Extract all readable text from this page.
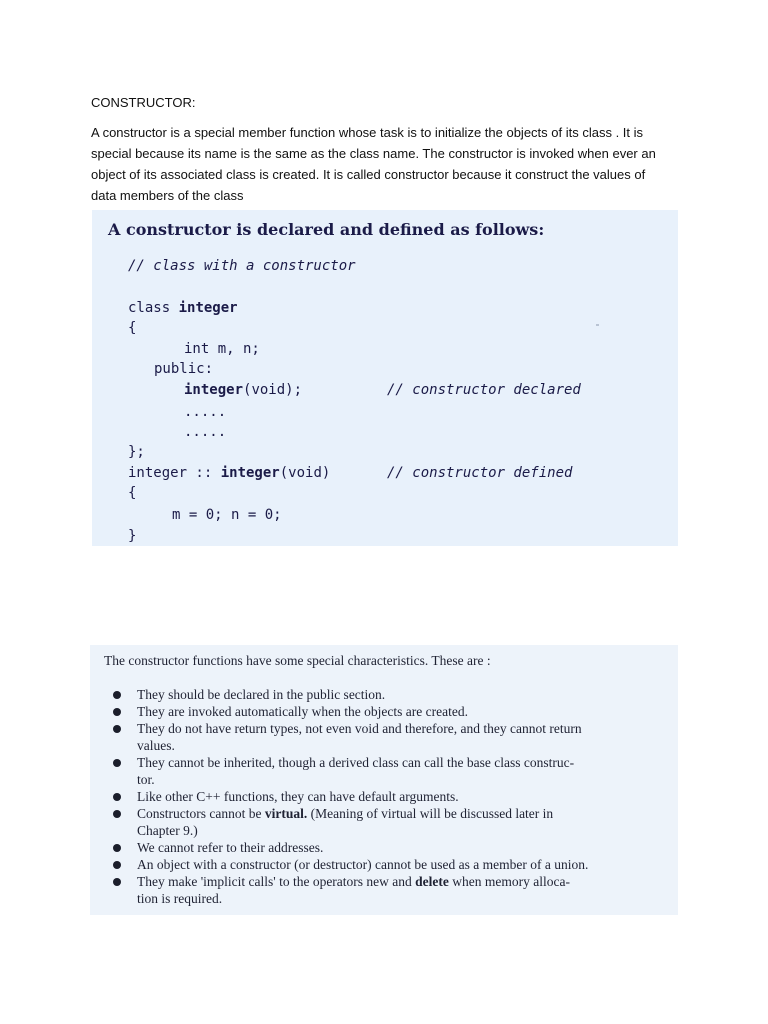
CONSTRUCTOR:
A constructor is a special member function whose task is to initialize the objects of its class . It is
special because its name is the same as the class name. The constructor is invoked when ever an
object of its associated class is created. It is called constructor because it construct the values of
data members of the class
A constructor is declared and defined as follows:
// class with a constructor
class integer
{
int m, n;
public:
integer(void);	// constructor declared
.....
.....
};
integer :: integer(void)	// constructor defined
{
m = 0; n = 0;
}
The constructor functions have some special characteristics. These are :
They should be declared in the public section.
They are invoked automatically when the objects are created.
They do not have return types, not even void and therefore, and they cannot return
values.
They cannot be inherited, though a derived class can call the base class construc-
tor.
Like other C++ functions, they can have default arguments.
Constructors cannot be virtual. (Meaning of virtual will be discussed later in
Chapter 9.)
We cannot refer to their addresses.
An object with a constructor (or destructor) cannot be used as a member of a union.
They make 'implicit calls' to the operators new and delete when memory alloca-
tion is required.
